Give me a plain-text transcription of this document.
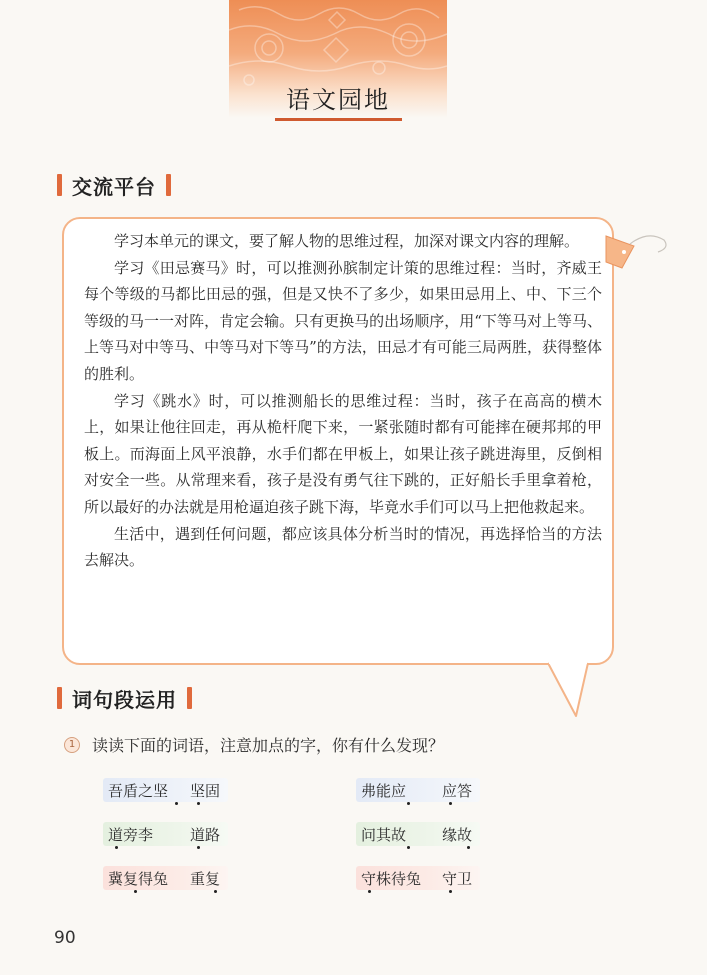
语文园地
交流平台

学习本单元的课文，要了解人物的思维过程，加深对课文内容的理解。

学习《田忌赛马》时，可以推测孙膑制定计策的思维过程：当时，齐威王每个等级的马都比田忌的强，但是又快不了多少，如果田忌用上、中、下三个等级的马一一对阵，肯定会输。只有更换马的出场顺序，用“下等马对上等马、上等马对中等马、中等马对下等马”的方法，田忌才有可能三局两胜，获得整体的胜利。

学习《跳水》时，可以推测船长的思维过程：当时，孩子在高高的横木上，如果让他往回走，再从桅杆爬下来，一紧张随时都有可能摔在硬邦邦的甲板上。而海面上风平浪静，水手们都在甲板上，如果让孩子跳进海里，反倒相对安全一些。从常理来看，孩子是没有勇气往下跳的，正好船长手里拿着枪，所以最好的办法就是用枪逼迫孩子跳下海，毕竟水手们可以马上把他救起来。

生活中，遇到任何问题，都应该具体分析当时的情况，再选择恰当的方法去解决。

词句段运用
1	读读下面的词语，注意加点的字，你有什么发现？
吾盾之坚 坚固	弗能应 应答
道旁李 道路	问其故 缘故
冀复得兔 重复	守株待兔 守卫
90
